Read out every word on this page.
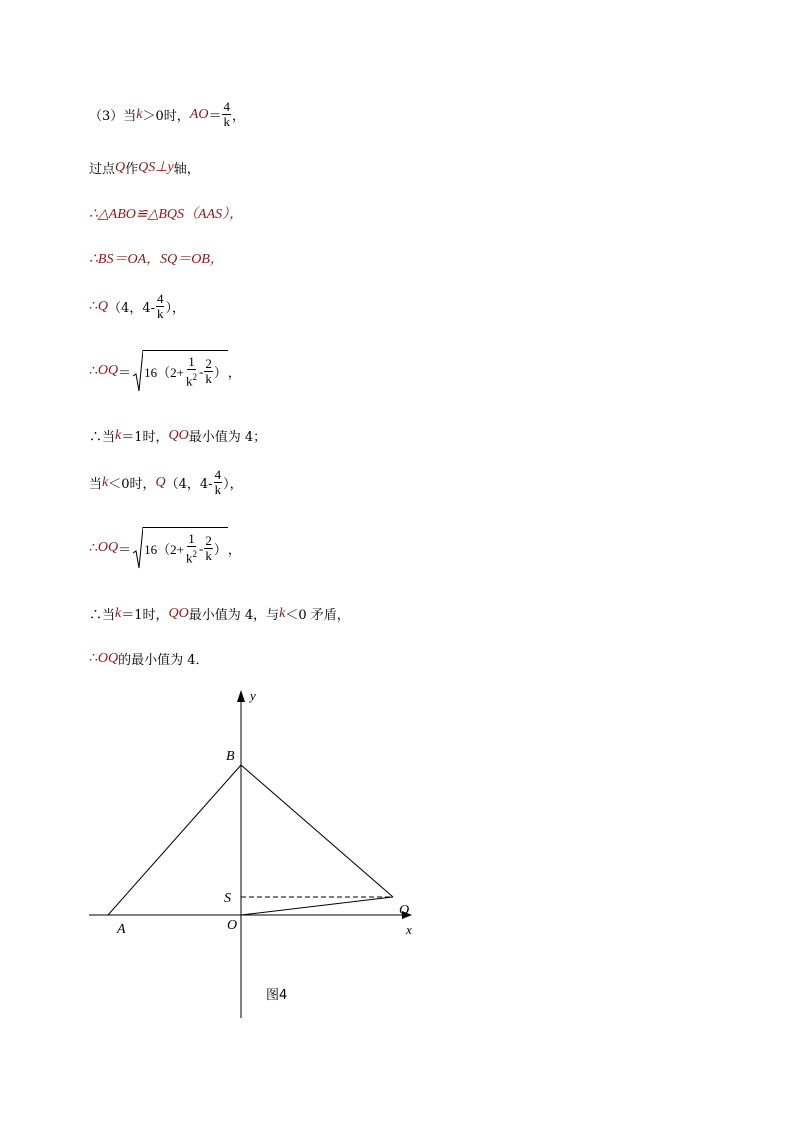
（3）当 k ＞0时， AO ＝ $\frac{4}{k}$ ，
过点 Q 作 QS⊥y 轴，
∴△ABO≌△BQS（AAS），
∴BS＝OA，SQ＝OB，
∴ Q （4，$4- \frac{4}{k}$ ），
∴ OQ ＝ $16(2+ \frac{1}{k^2} - \frac{2}{k}$ ） ，
∴当 k ＝1时， QO 最小值为 4；
当 k ＜0时， Q （4，$4- \frac{4}{k}$ ），
∴ OQ ＝ $16(2+ \frac{1}{k^2} - \frac{2}{k}$ ） ，
∴当 k ＝1时， QO 最小值为 4，与 k ＜0 矛盾，
∴ OQ 的最小值为 4．
y
B
S
Q
O
A	x
图4
